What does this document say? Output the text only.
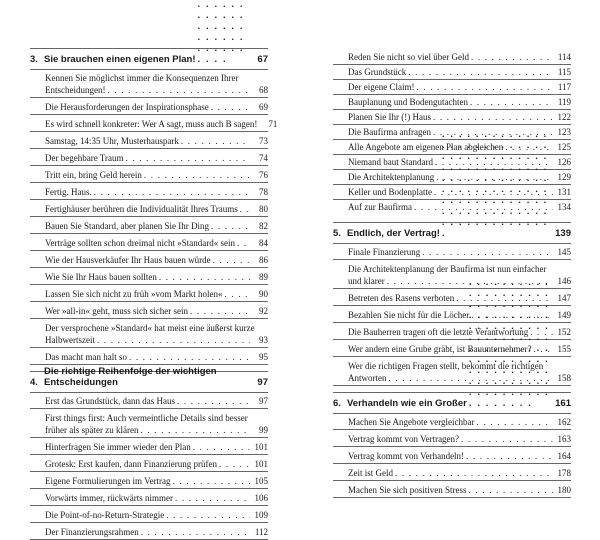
3. Sie brauchen einen eigenen Plan! . . .	67
Kennen Sie möglichst immer die Konsequenzen Ihrer
Entscheidungen! . . .	68
Die Herausforderungen der Inspirationsphase . . .	69
Es wird schnell konkreter: Wer A sagt, muss auch B sagen!	71
Samstag, 14:35 Uhr, Musterhauspark . . .	73
Der begehbare Traum . . .	74
Tritt ein, bring Geld herein . . .	76
Fertig. Haus. . . .	78
Fertighäuser berühren die Individualität Ihres Traums . . .	80
Bauen Sie Standard, aber planen Sie Ihr Ding . . .	82
Verträge sollten schon dreimal nicht »Standard« sein . . .	84
Wie der Hausverkäufer Ihr Haus bauen würde . . .	86
Wie Sie Ihr Haus bauen sollten . . .	89
Lassen Sie sich nicht zu früh »vom Markt holen« . . .	90
Wer »all-in« geht, muss sich sicher sein . . .	92
Der versprochene »Standard« hat meist eine äußerst kurze
Halbwertszeit . . .	93
Das macht man halt so . . .	95
4.
Die richtige Reihenfolge der wichtigen Entscheidungen	97
Erst das Grundstück, dann das Haus . . .	97
First things first: Auch vermeintliche Details sind besser
früher als später zu klären . . .	99
Hinterfragen Sie immer wieder den Plan . . .	101
Grotesk: Erst kaufen, dann Finanzierung prüfen . . .	101
Eigene Formulierungen im Vertrag . . .	105
Vorwärts immer, rückwärts nimmer . . .	106
Die Point-of-no-Return-Strategie . . .	109
Der Finanzierungsrahmen . . .	112
Reden Sie nicht so viel über Geld . . .	114
Das Grundstück . . .	115
Der eigene Claim! . . .	117
Bauplanung und Bodengutachten . . .	119
Planen Sie Ihr (!) Haus . . .	122
Die Baufirma anfragen . . .	123
Alle Angebote am eigenen Plan abgleichen . . .	125
Niemand baut Standard . . .	126
Die Architektenplanung . . .	129
Keller und Bodenplatte . . .	131
Auf zur Baufirma . . .	134
5. Endlich, der Vertrag! . . .	139
Finale Finanzierung . . .	145
Die Architektenplanung der Baufirma ist nun einfacher
und klarer . . .	146
Betreten des Rasens verboten . . .	147
Bezahlen Sie nicht für die Löcher . . .	149
Die Bauherren tragen oft die letzte Verantwortung . . .	152
Wer andern eine Grube gräbt, ist Bauunternehmer? . . .	155
Wer die richtigen Fragen stellt, bekommt die richtigen
Antworten . . .	158
6. Verhandeln wie ein Großer . . .	161
Machen Sie Angebote vergleichbar . . .	162
Vertrag kommt von Vertragen? . . .	163
Vertrag kommt von Verhandeln! . . .	164
Zeit ist Geld . . .	178
Machen Sie sich positiven Stress . . .	180
